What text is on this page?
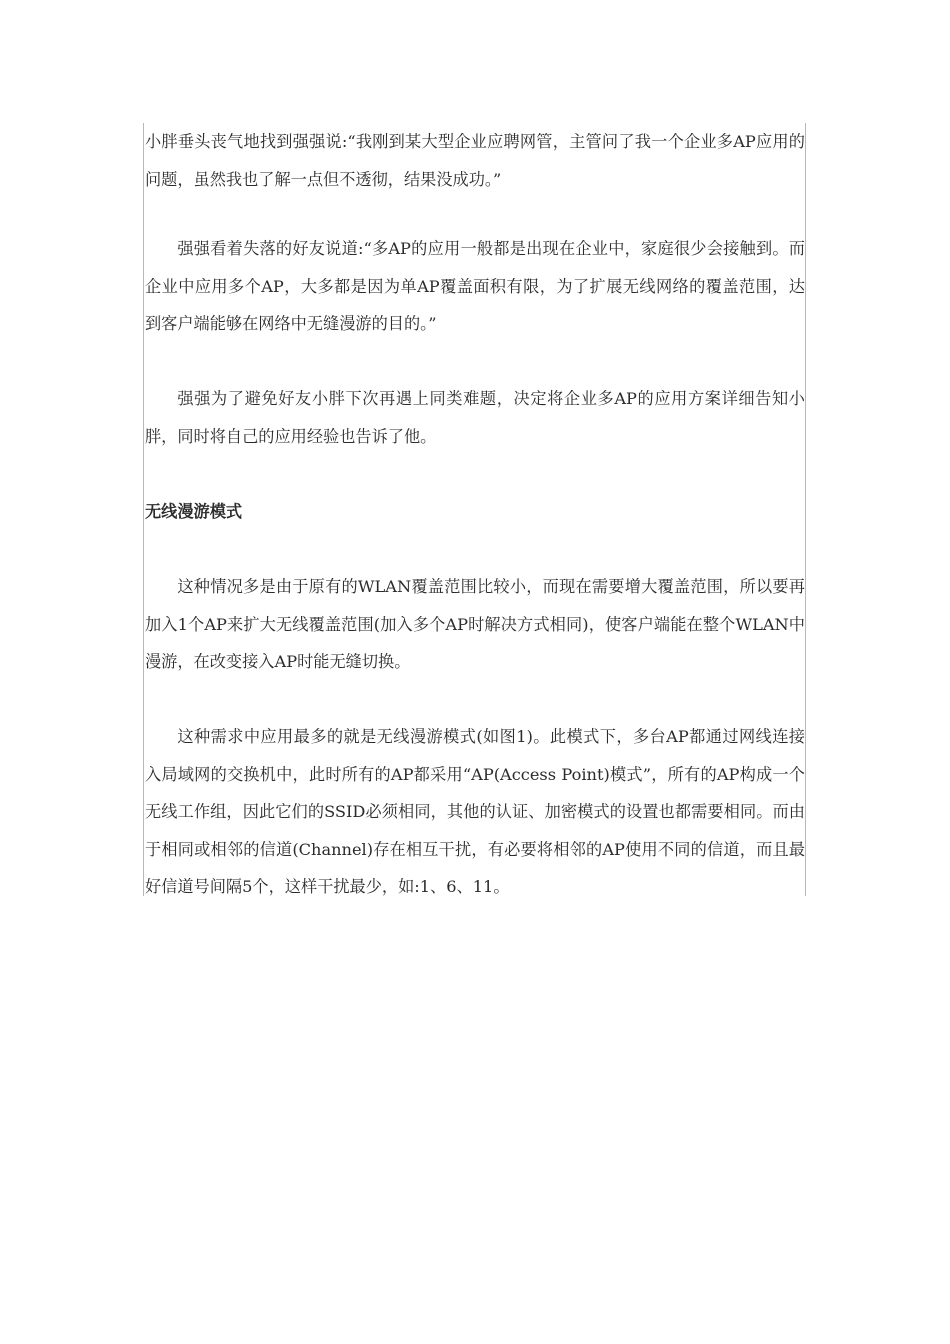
小胖垂头丧气地找到强强说:“我刚到某大型企业应聘网管，主管问了我一个企业多AP应用的问题，虽然我也了解一点但不透彻，结果没成功。”

强强看着失落的好友说道:“多AP的应用一般都是出现在企业中，家庭很少会接触到。而企业中应用多个AP，大多都是因为单AP覆盖面积有限，为了扩展无线网络的覆盖范围，达到客户端能够在网络中无缝漫游的目的。”

强强为了避免好友小胖下次再遇上同类难题，决定将企业多AP的应用方案详细告知小胖，同时将自己的应用经验也告诉了他。

无线漫游模式

这种情况多是由于原有的WLAN覆盖范围比较小，而现在需要增大覆盖范围，所以要再加入1个AP来扩大无线覆盖范围(加入多个AP时解决方式相同)，使客户端能在整个WLAN中漫游，在改变接入AP时能无缝切换。

这种需求中应用最多的就是无线漫游模式(如图1)。此模式下，多台AP都通过网线连接入局域网的交换机中，此时所有的AP都采用“AP(Access Point)模式”，所有的AP构成一个无线工作组，因此它们的SSID必须相同，其他的认证、加密模式的设置也都需要相同。而由于相同或相邻的信道(Channel)存在相互干扰，有必要将相邻的AP使用不同的信道，而且最好信道号间隔5个，这样干扰最少，如:1、6、11。
